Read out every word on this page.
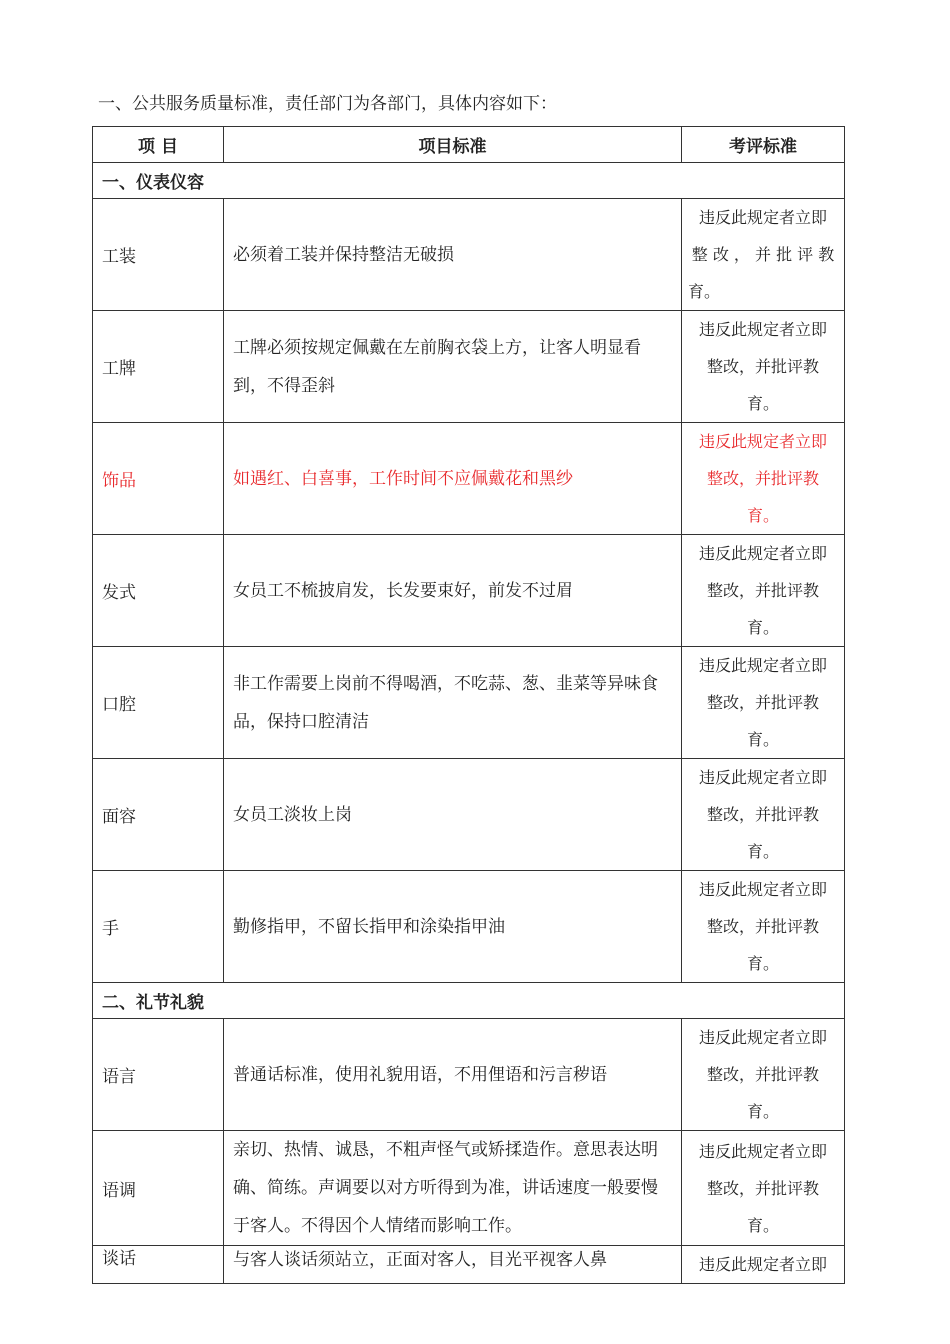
一、公共服务质量标准，责任部门为各部门，具体内容如下：
项 目	项目标准	考评标准
一、仪表仪容		
工装	必须着工装并保持整洁无破损	违反此规定者立即
整 改 ， 并 批 评 教
育。

工牌	工牌必须按规定佩戴在左前胸衣袋上方，让客人明显看到，不得歪斜	违反此规定者立即
整改，并批评教
育。

饰品	如遇红、白喜事，工作时间不应佩戴花和黑纱	违反此规定者立即
整改，并批评教
育。

发式	女员工不梳披肩发，长发要束好，前发不过眉	违反此规定者立即
整改，并批评教
育。

口腔	非工作需要上岗前不得喝酒，不吃蒜、葱、韭菜等异味食品，保持口腔清洁	违反此规定者立即
整改，并批评教
育。

面容	女员工淡妆上岗	违反此规定者立即
整改，并批评教
育。

手	勤修指甲，不留长指甲和涂染指甲油	违反此规定者立即
整改，并批评教
育。

二、礼节礼貌		
语言	普通话标准，使用礼貌用语，不用俚语和污言秽语	违反此规定者立即
整改，并批评教
育。

语调	亲切、热情、诚恳，不粗声怪气或矫揉造作。意思表达明确、简练。声调要以对方听得到为准，讲话速度一般要慢于客人。不得因个人情绪而影响工作。	违反此规定者立即
整改，并批评教
育。

谈话	与客人谈话须站立，正面对客人，目光平视客人鼻	违反此规定者立即
